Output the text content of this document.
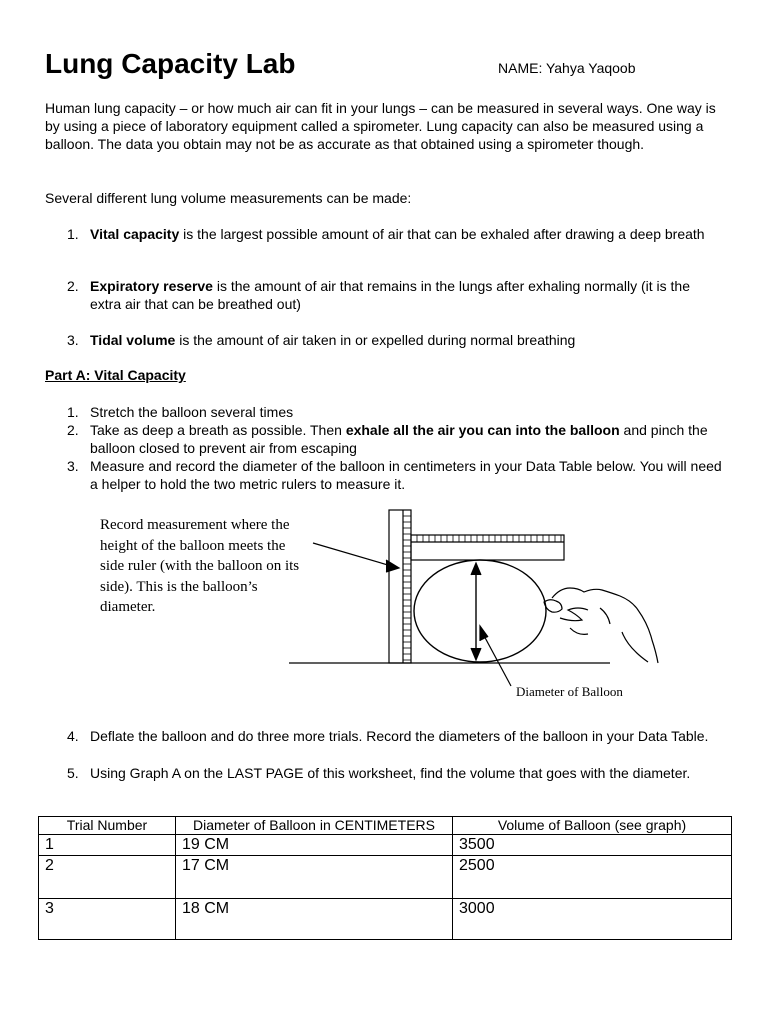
Lung Capacity Lab	NAME: Yahya Yaqoob

Human lung capacity – or how much air can fit in your lungs – can be measured in several ways. One way is by using a piece of laboratory equipment called a spirometer. Lung capacity can also be measured using a balloon. The data you obtain may not be as accurate as that obtained using a spirometer though.

Several different lung volume measurements can be made:

1. Vital capacity is the largest possible amount of air that can be exhaled after drawing a deep breath
2. Expiratory reserve is the amount of air that remains in the lungs after exhaling normally (it is the extra air that can be breathed out)
3. Tidal volume is the amount of air taken in or expelled during normal breathing

Part A: Vital Capacity

1. Stretch the balloon several times
2. Take as deep a breath as possible. Then exhale all the air you can into the balloon and pinch the balloon closed to prevent air from escaping
3. Measure and record the diameter of the balloon in centimeters in your Data Table below. You will need a helper to hold the two metric rulers to measure it.
Record measurement where the height of the balloon meets the side ruler (with the balloon on its side). This is the balloon’s diameter.
Diameter of Balloon
4. Deflate the balloon and do three more trials. Record the diameters of the balloon in your Data Table.
5. Using Graph A on the LAST PAGE of this worksheet, find the volume that goes with the diameter.
Trial Number	Diameter of Balloon in CENTIMETERS	Volume of Balloon (see graph)
1	19 CM	3500
2	17 CM	2500
3	18 CM	3000
